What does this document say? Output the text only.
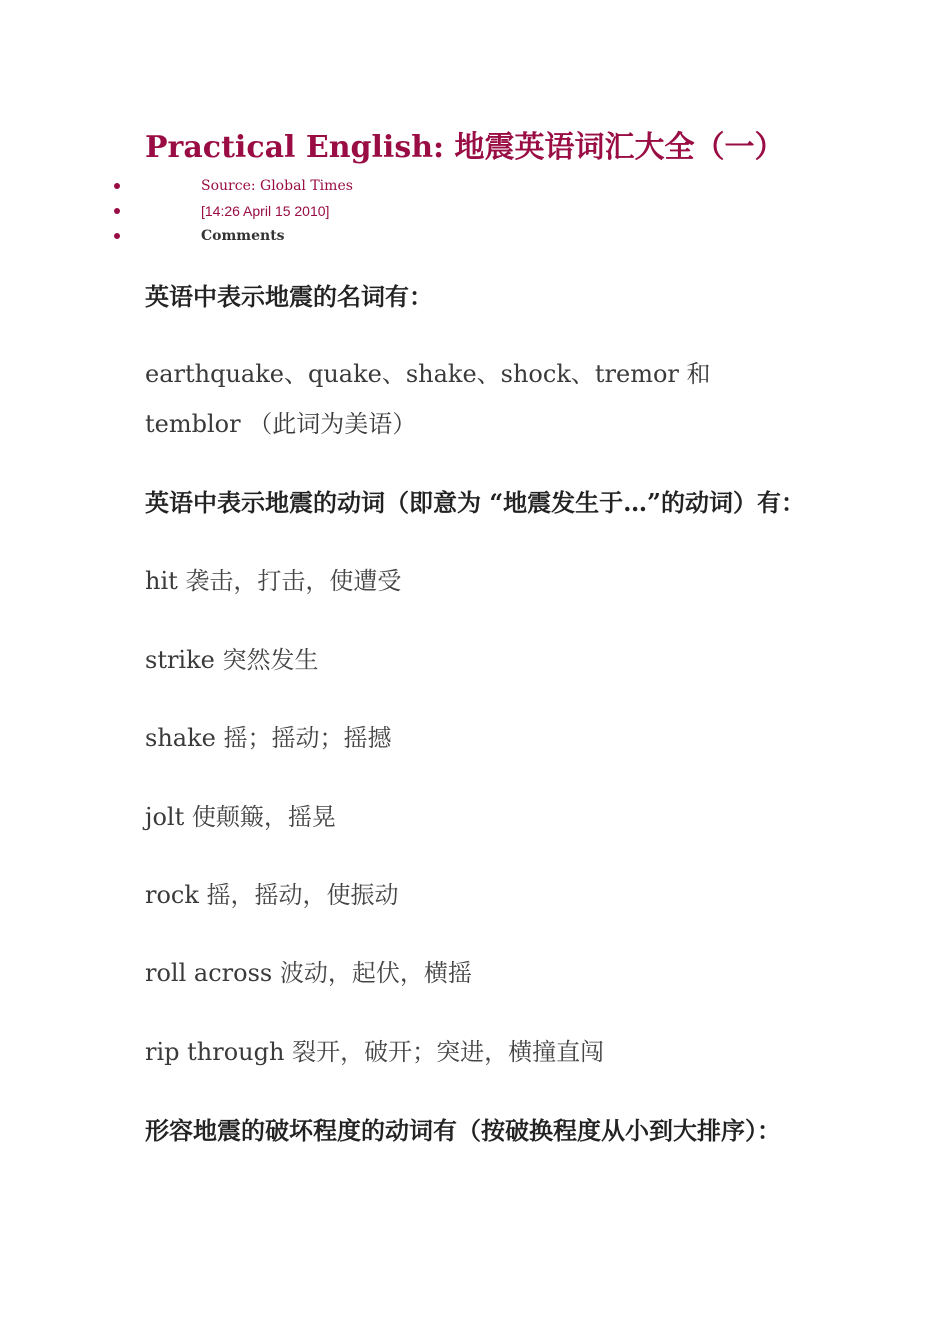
Practical English: 地震英语词汇大全（一）
Source: Global Times
[14:26 April 15 2010]
Comments

英语中表示地震的名词有：

earthquake、quake、shake、shock、tremor 和

temblor （此词为美语）

英语中表示地震的动词（即意为 “地震发生于…”的动词）有：

hit 袭击，打击，使遭受

strike 突然发生

shake 摇；摇动；摇撼

jolt 使颠簸，摇晃

rock 摇，摇动，使振动

roll across 波动，起伏，横摇

rip through 裂开，破开；突进，横撞直闯

形容地震的破坏程度的动词有（按破换程度从小到大排序）：
